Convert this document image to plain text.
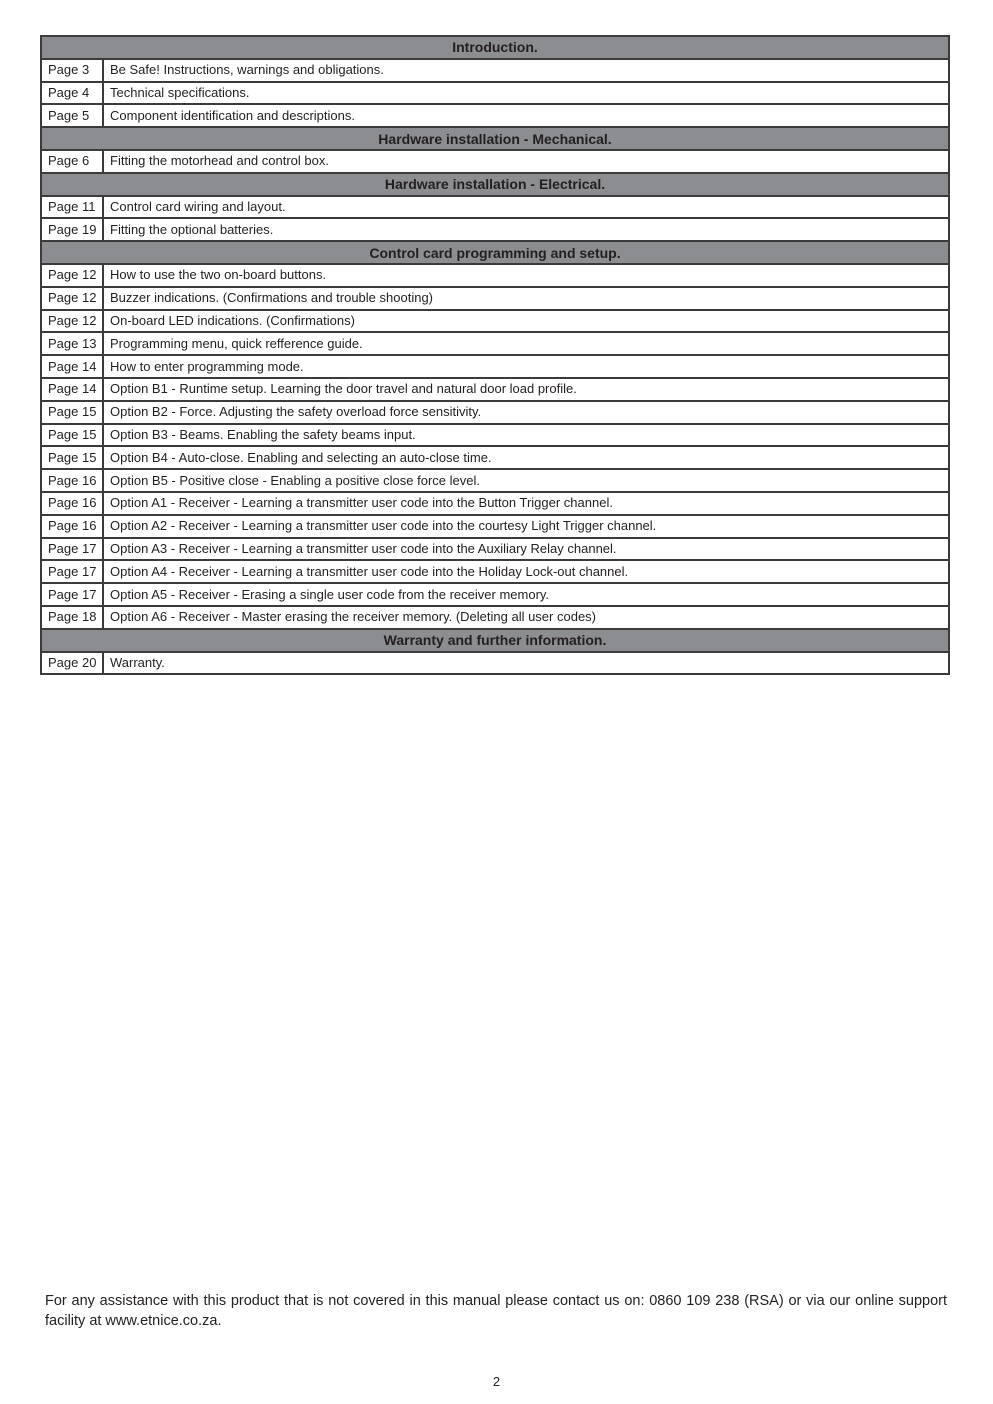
Introduction.	
Page 3	Be Safe! Instructions, warnings and obligations.
Page 4	Technical specifications.
Page 5	Component identification and descriptions.
Hardware installation - Mechanical.	
Page 6	Fitting the motorhead and control box.
Hardware installation - Electrical.	
Page 11	Control card wiring and layout.
Page 19	Fitting the optional batteries.
Control card programming and setup.	
Page 12	How to use the two on-board buttons.
Page 12	Buzzer indications. (Confirmations and trouble shooting)
Page 12	On-board LED indications. (Confirmations)
Page 13	Programming menu, quick refference guide.
Page 14	How to enter programming mode.
Page 14	Option B1 - Runtime setup. Learning the door travel and natural door load profile.
Page 15	Option B2 - Force. Adjusting the safety overload force sensitivity.
Page 15	Option B3 - Beams. Enabling the safety beams input.
Page 15	Option B4 - Auto-close. Enabling and selecting an auto-close time.
Page 16	Option B5 - Positive close - Enabling a positive close force level.
Page 16	Option A1 - Receiver - Learning a transmitter user code into the Button Trigger channel.
Page 16	Option A2 - Receiver - Learning a transmitter user code into the courtesy Light Trigger channel.
Page 17	Option A3 - Receiver - Learning a transmitter user code into the Auxiliary Relay channel.
Page 17	Option A4 - Receiver - Learning a transmitter user code into the Holiday Lock-out channel.
Page 17	Option A5 - Receiver - Erasing a single user code from the receiver memory.
Page 18	Option A6 - Receiver - Master erasing the receiver memory. (Deleting all user codes)
Warranty and further information.	
Page 20	Warranty.
For any assistance with this product that is not covered in this manual please contact us on: 0860 109 238 (RSA) or via our online support facility at www.etnice.co.za.
2
